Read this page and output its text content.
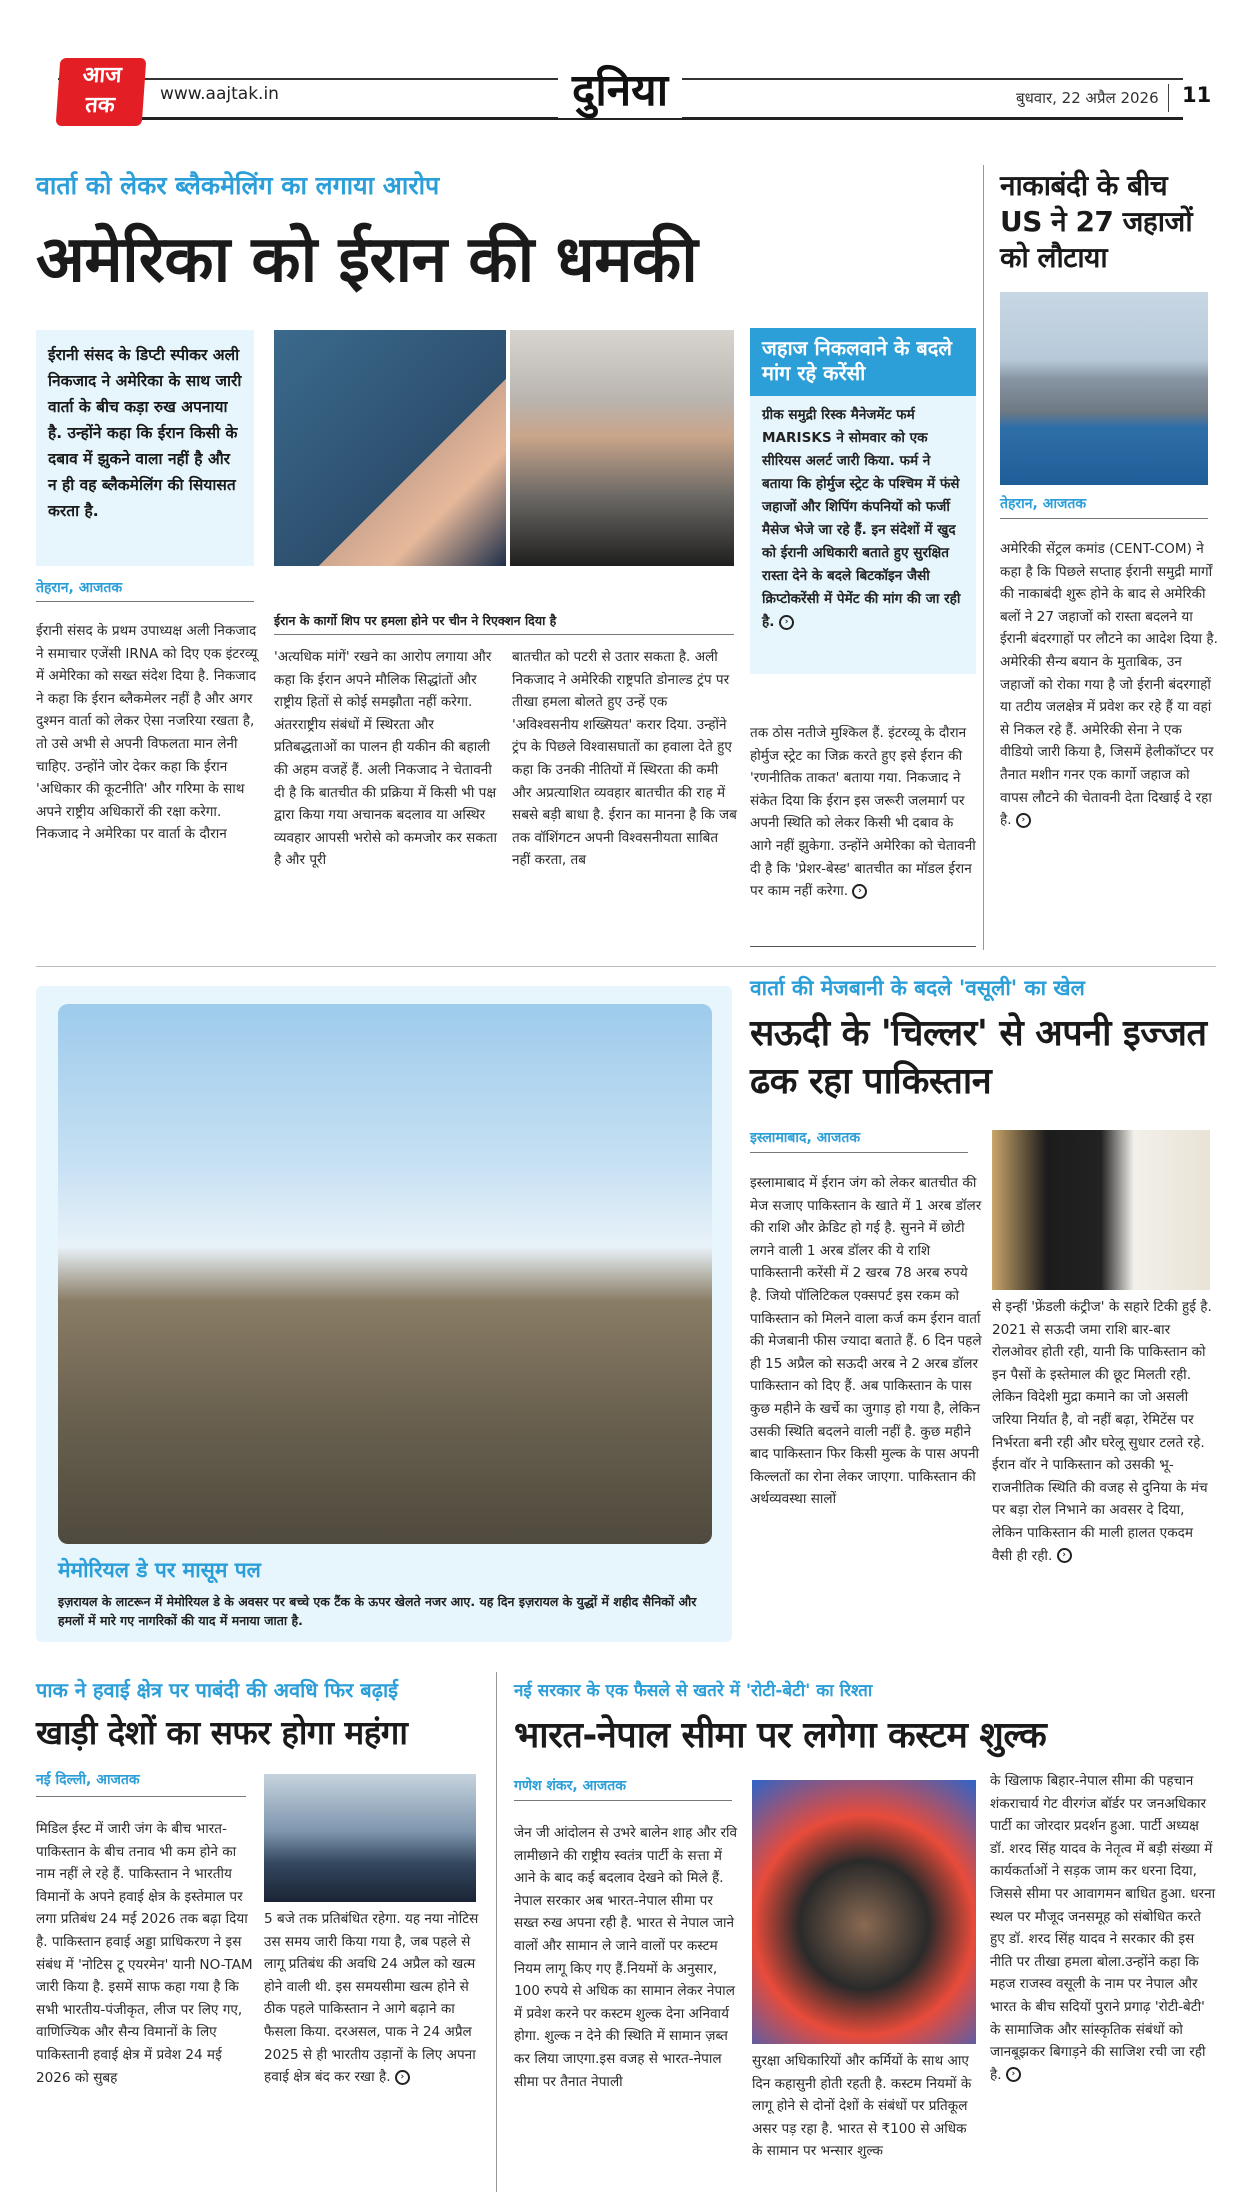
आज
तक	www.aajtak.in	दुनिया	बुधवार, 22 अप्रैल 2026 11
वार्ता को लेकर ब्लैकमेलिंग का लगाया आरोप
अमेरिका को ईरान की धमकी
ईरानी संसद के डिप्टी स्पीकर अली निकजाद ने अमेरिका के साथ जारी वार्ता के बीच कड़ा रुख अपनाया है. उन्होंने कहा कि ईरान किसी के दबाव में झुकने वाला नहीं है और न ही वह ब्लैकमेलिंग की सियासत करता है.
तेहरान, आजतक
ईरान के कार्गो शिप पर हमला होने पर चीन ने रिएक्शन दिया है
ईरानी संसद के प्रथम उपाध्यक्ष अली निकजाद ने समाचार एजेंसी IRNA को दिए एक इंटरव्यू में अमेरिका को सख्त संदेश दिया है. निकजाद ने कहा कि ईरान ब्लैकमेलर नहीं है और अगर दुश्मन वार्ता को लेकर ऐसा नजरिया रखता है, तो उसे अभी से अपनी विफलता मान लेनी चाहिए. उन्होंने जोर देकर कहा कि ईरान 'अधिकार की कूटनीति' और गरिमा के साथ अपने राष्ट्रीय अधिकारों की रक्षा करेगा. निकजाद ने अमेरिका पर वार्ता के दौरान
'अत्यधिक मांगें' रखने का आरोप लगाया और कहा कि ईरान अपने मौलिक सिद्धांतों और राष्ट्रीय हितों से कोई समझौता नहीं करेगा. अंतरराष्ट्रीय संबंधों में स्थिरता और प्रतिबद्धताओं का पालन ही यकीन की बहाली की अहम वजहें हैं. अली निकजाद ने चेतावनी दी है कि बातचीत की प्रक्रिया में किसी भी पक्ष द्वारा किया गया अचानक बदलाव या अस्थिर व्यवहार आपसी भरोसे को कमजोर कर सकता है और पूरी
बातचीत को पटरी से उतार सकता है. अली निकजाद ने अमेरिकी राष्ट्रपति डोनाल्ड ट्रंप पर तीखा हमला बोलते हुए उन्हें एक 'अविश्वसनीय शख्सियत' करार दिया. उन्होंने ट्रंप के पिछले विश्वासघातों का हवाला देते हुए कहा कि उनकी नीतियों में स्थिरता की कमी और अप्रत्याशित व्यवहार बातचीत की राह में सबसे बड़ी बाधा है. ईरान का मानना है कि जब तक वॉशिंगटन अपनी विश्वसनीयता साबित नहीं करता, तब
जहाज निकलवाने के बदले मांग रहे करेंसी
ग्रीक समुद्री रिस्क मैनेजमेंट फर्म MARISKS ने सोमवार को एक सीरियस अलर्ट जारी किया. फर्म ने बताया कि होर्मुज स्ट्रेट के पश्चिम में फंसे जहाजों और शिपिंग कंपनियों को फर्जी मैसेज भेजे जा रहे हैं. इन संदेशों में खुद को ईरानी अधिकारी बताते हुए सुरक्षित रास्ता देने के बदले बिटकॉइन जैसी क्रिप्टोकरेंसी में पेमेंट की मांग की जा रही है. ›
तक ठोस नतीजे मुश्किल हैं. इंटरव्यू के दौरान होर्मुज स्ट्रेट का जिक्र करते हुए इसे ईरान की 'रणनीतिक ताकत' बताया गया. निकजाद ने संकेत दिया कि ईरान इस जरूरी जलमार्ग पर अपनी स्थिति को लेकर किसी भी दबाव के आगे नहीं झुकेगा. उन्होंने अमेरिका को चेतावनी दी है कि 'प्रेशर-बेस्ड' बातचीत का मॉडल ईरान पर काम नहीं करेगा. ›
नाकाबंदी के बीच US ने 27 जहाजों को लौटाया
तेहरान, आजतक
अमेरिकी सेंट्रल कमांड (CENT-COM) ने कहा है कि पिछले सप्ताह ईरानी समुद्री मार्गों की नाकाबंदी शुरू होने के बाद से अमेरिकी बलों ने 27 जहाजों को रास्ता बदलने या ईरानी बंदरगाहों पर लौटने का आदेश दिया है. अमेरिकी सैन्य बयान के मुताबिक, उन जहाजों को रोका गया है जो ईरानी बंदरगाहों या तटीय जलक्षेत्र में प्रवेश कर रहे हैं या वहां से निकल रहे हैं. अमेरिकी सेना ने एक वीडियो जारी किया है, जिसमें हेलीकॉप्टर पर तैनात मशीन गनर एक कार्गो जहाज को वापस लौटने की चेतावनी देता दिखाई दे रहा है. ›
मेमोरियल डे पर मासूम पल
इज़रायल के लाटरून में मेमोरियल डे के अवसर पर बच्चे एक टैंक के ऊपर खेलते नजर आए. यह दिन इज़रायल के युद्धों में शहीद सैनिकों और हमलों में मारे गए नागरिकों की याद में मनाया जाता है.
वार्ता की मेजबानी के बदले 'वसूली' का खेल
सऊदी के 'चिल्लर' से अपनी इज्जत ढक रहा पाकिस्तान
इस्लामाबाद, आजतक
इस्लामाबाद में ईरान जंग को लेकर बातचीत की मेज सजाए पाकिस्तान के खाते में 1 अरब डॉलर की राशि और क्रेडिट हो गई है. सुनने में छोटी लगने वाली 1 अरब डॉलर की ये राशि पाकिस्तानी करेंसी में 2 खरब 78 अरब रुपये है. जियो पॉलिटिकल एक्सपर्ट इस रकम को पाकिस्तान को मिलने वाला कर्ज कम ईरान वार्ता की मेजबानी फीस ज्यादा बताते हैं. 6 दिन पहले ही 15 अप्रैल को सऊदी अरब ने 2 अरब डॉलर पाकिस्तान को दिए हैं. अब पाकिस्तान के पास कुछ महीने के खर्चे का जुगाड़ हो गया है, लेकिन उसकी स्थिति बदलने वाली नहीं है. कुछ महीने बाद पाकिस्तान फिर किसी मुल्क के पास अपनी किल्लतों का रोना लेकर जाएगा. पाकिस्तान की अर्थव्यवस्था सालों
से इन्हीं 'फ्रेंडली कंट्रीज' के सहारे टिकी हुई है. 2021 से सऊदी जमा राशि बार-बार रोलओवर होती रही, यानी कि पाकिस्तान को इन पैसों के इस्तेमाल की छूट मिलती रही. लेकिन विदेशी मुद्रा कमाने का जो असली जरिया निर्यात है, वो नहीं बढ़ा, रेमिटेंस पर निर्भरता बनी रही और घरेलू सुधार टलते रहे. ईरान वॉर ने पाकिस्तान को उसकी भू-राजनीतिक स्थिति की वजह से दुनिया के मंच पर बड़ा रोल निभाने का अवसर दे दिया, लेकिन पाकिस्तान की माली हालत एकदम वैसी ही रही. ›
पाक ने हवाई क्षेत्र पर पाबंदी की अवधि फिर बढ़ाई
खाड़ी देशों का सफर होगा महंगा
नई दिल्ली, आजतक
मिडिल ईस्ट में जारी जंग के बीच भारत-पाकिस्तान के बीच तनाव भी कम होने का नाम नहीं ले रहे हैं. पाकिस्तान ने भारतीय विमानों के अपने हवाई क्षेत्र के इस्तेमाल पर लगा प्रतिबंध 24 मई 2026 तक बढ़ा दिया है. पाकिस्तान हवाई अड्डा प्राधिकरण ने इस संबंध में 'नोटिस टू एयरमेन' यानी NO-TAM जारी किया है. इसमें साफ कहा गया है कि सभी भारतीय-पंजीकृत, लीज पर लिए गए, वाणिज्यिक और सैन्य विमानों के लिए पाकिस्तानी हवाई क्षेत्र में प्रवेश 24 मई 2026 को सुबह
5 बजे तक प्रतिबंधित रहेगा. यह नया नोटिस उस समय जारी किया गया है, जब पहले से लागू प्रतिबंध की अवधि 24 अप्रैल को खत्म होने वाली थी. इस समयसीमा खत्म होने से ठीक पहले पाकिस्तान ने आगे बढ़ाने का फैसला किया. दरअसल, पाक ने 24 अप्रैल 2025 से ही भारतीय उड़ानों के लिए अपना हवाई क्षेत्र बंद कर रखा है. ›
नई सरकार के एक फैसले से खतरे में 'रोटी-बेटी' का रिश्ता
भारत-नेपाल सीमा पर लगेगा कस्टम शुल्क
गणेश शंकर, आजतक
जेन जी आंदोलन से उभरे बालेन शाह और रवि लामीछाने की राष्ट्रीय स्वतंत्र पार्टी के सत्ता में आने के बाद कई बदलाव देखने को मिले हैं. नेपाल सरकार अब भारत-नेपाल सीमा पर सख्त रुख अपना रही है. भारत से नेपाल जाने वालों और सामान ले जाने वालों पर कस्टम नियम लागू किए गए हैं.नियमों के अनुसार, 100 रुपये से अधिक का सामान लेकर नेपाल में प्रवेश करने पर कस्टम शुल्क देना अनिवार्य होगा. शुल्क न देने की स्थिति में सामान ज़ब्त कर लिया जाएगा.इस वजह से भारत-नेपाल सीमा पर तैनात नेपाली
सुरक्षा अधिकारियों और कर्मियों के साथ आए दिन कहासुनी होती रहती है. कस्टम नियमों के लागू होने से दोनों देशों के संबंधों पर प्रतिकूल असर पड़ रहा है. भारत से ₹100 से अधिक के सामान पर भन्सार शुल्क
के खिलाफ बिहार-नेपाल सीमा की पहचान शंकराचार्य गेट वीरगंज बॉर्डर पर जनअधिकार पार्टी का जोरदार प्रदर्शन हुआ. पार्टी अध्यक्ष डॉ. शरद सिंह यादव के नेतृत्व में बड़ी संख्या में कार्यकर्ताओं ने सड़क जाम कर धरना दिया, जिससे सीमा पर आवागमन बाधित हुआ. धरना स्थल पर मौजूद जनसमूह को संबोधित करते हुए डॉ. शरद सिंह यादव ने सरकार की इस नीति पर तीखा हमला बोला.उन्होंने कहा कि महज राजस्व वसूली के नाम पर नेपाल और भारत के बीच सदियों पुराने प्रगाढ़ 'रोटी-बेटी' के सामाजिक और सांस्कृतिक संबंधों को जानबूझकर बिगाड़ने की साजिश रची जा रही है. ›
